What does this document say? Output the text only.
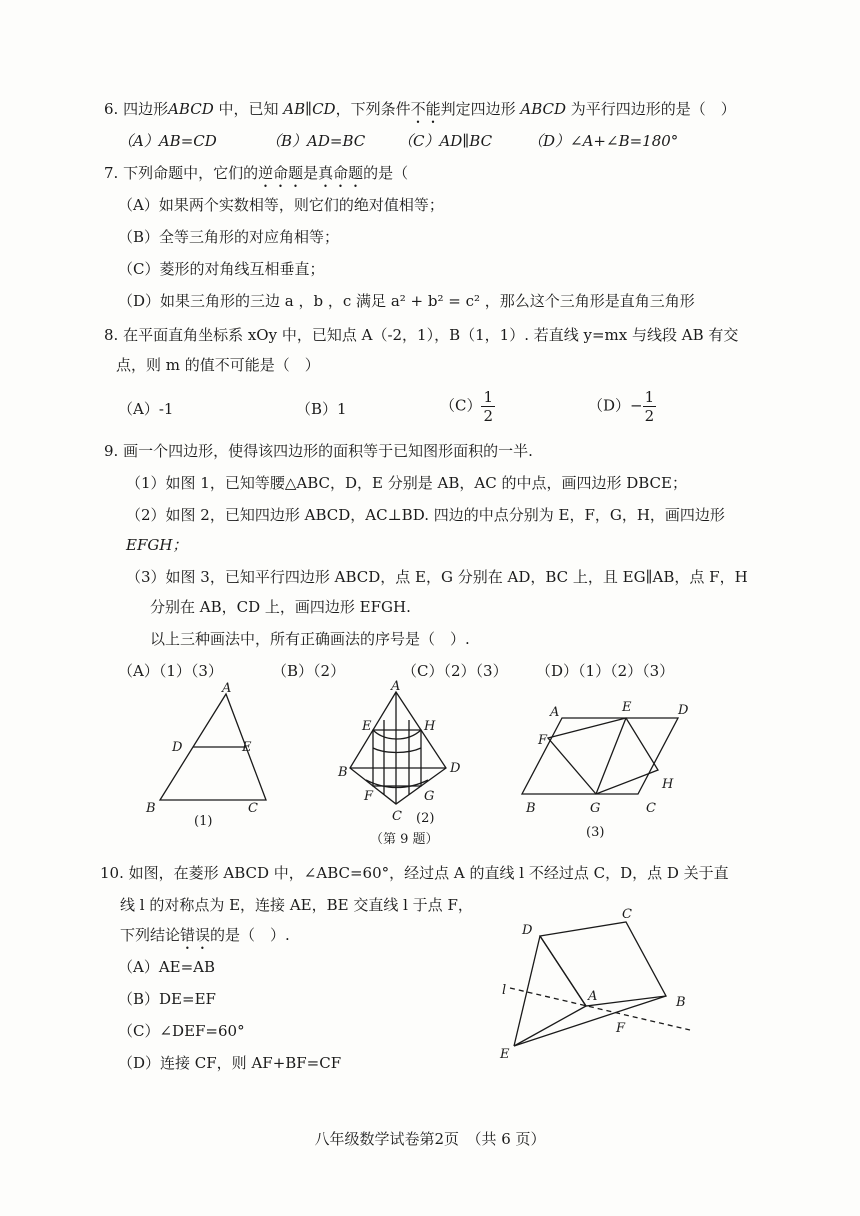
6. 四边形ABCD 中，已知 AB∥CD，下列条件不能判定四边形 ABCD 为平行四边形的是（　）
（A）AB=CD	（B）AD=BC （C）AD∥BC （D）∠A+∠B=180°
7. 下列命题中，它们的逆命题是真命题的是（
（A）如果两个实数相等，则它们的绝对值相等；
（B）全等三角形的对应角相等；
（C）菱形的对角线互相垂直；
（D）如果三角形的三边 a ，b ，c 满足 a² + b² = c² ，那么这个三角形是直角三角形
8. 在平面直角坐标系 xOy 中，已知点 A（-2，1），B（1，1）. 若直线 y=mx 与线段 AB 有交
点，则 m 的值不可能是（　）
（A）-1	（B）1	$(C) \frac{1}{2}$	$(D)- \frac{1}{2}$
9. 画一个四边形，使得该四边形的面积等于已知图形面积的一半.
（1）如图 1，已知等腰△ABC，D，E 分别是 AB，AC 的中点，画四边形 DBCE；
（2）如图 2，已知四边形 ABCD，AC⊥BD. 四边的中点分别为 E，F，G，H，画四边形
EFGH；
（3）如图 3，已知平行四边形 ABCD，点 E，G 分别在 AD，BC 上，且 EG∥AB，点 F，H
分别在 AB，CD 上，画四边形 EFGH.
以上三种画法中，所有正确画法的序号是（　）.
（A）（1）（3）	（B）（2）	（C）（2）（3） （D）（1）（2）（3）
A
D	E
B	C
(1)
A
E	H
B	D
F	G
C (2)
（第 9 题）
A	E	D
F
H
B	G	C
(3)
10. 如图，在菱形 ABCD 中，∠ABC=60°，经过点 A 的直线 l 不经过点 C，D，点 D 关于直
线 l 的对称点为 E，连接 AE，BE 交直线 l 于点 F，
下列结论错误的是（　）.
（A）AE=AB
（B）DE=EF
（C）∠DEF=60°
（D）连接 CF，则 AF+BF=CF
D
C
l	A	B
F
E
八年级数学试卷第2页　（共 6 页）
